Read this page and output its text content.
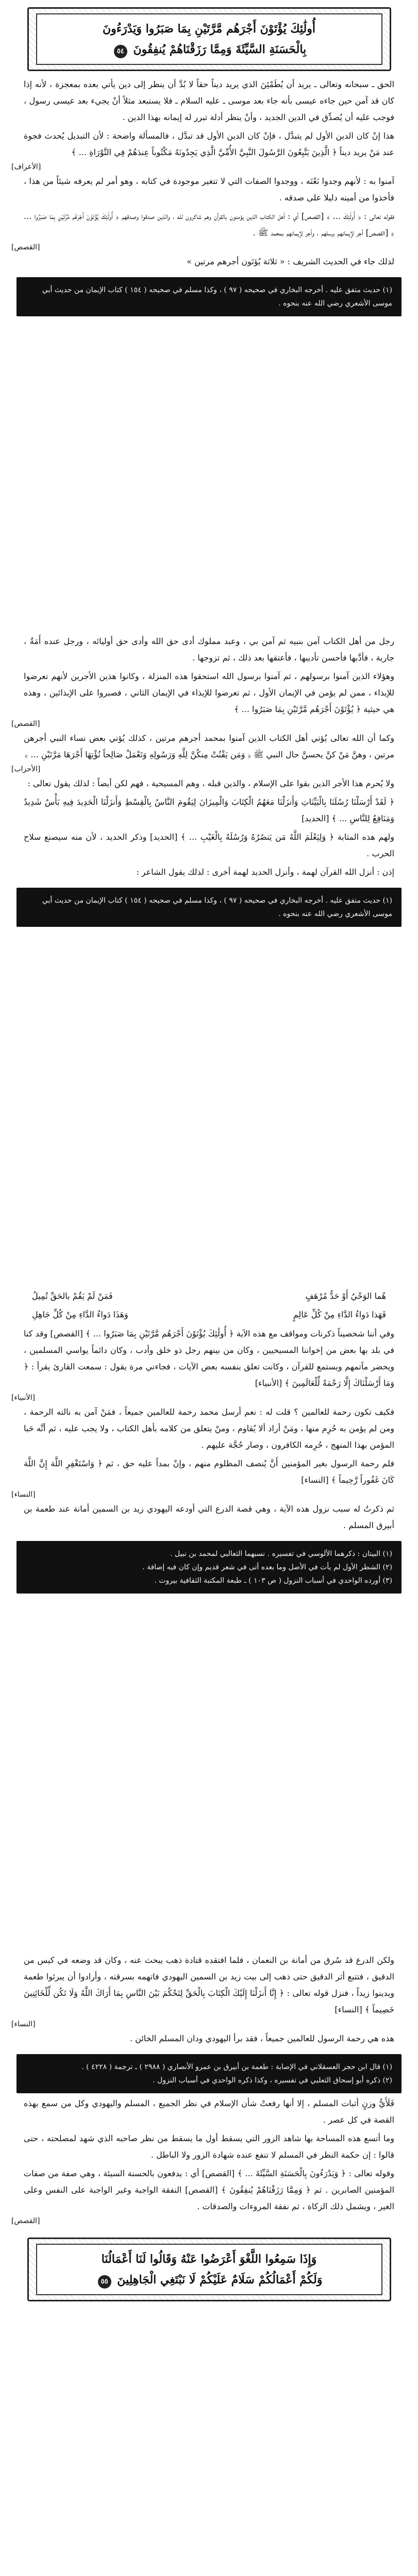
أُولَٰئِكَ يُؤْتَوْنَ أَجْرَهُم مَّرَّتَيْنِ بِمَا صَبَرُوا وَيَدْرَءُونَ
بِالْحَسَنَةِ السَّيِّئَةَ وَمِمَّا رَزَقْنَاهُمْ يُنفِقُونَ ٥٤

الحق ـ سبحانه وتعالى ـ يريد أن يُطَمْئِنَ الذي يريد ديناً حقاً لا بُدَّ أن ينظر إلى دين يأتي بعده بمعجزة ، لأنه إذا كان قد آمن حين جاءه عيسى بأنه جاء بعد موسى ـ عليه السلام ـ فلا يستبعد مثلاً أنْ يجيء بعد عيسى رسول ، فوجب عليه أن يُصدِّق في الدين الجديد ، وأنْ ينظر أدلة تبرر له إيمانه بهذا الدين .

هذا إنْ كان الدين الأول لم يتبدَّل ، فإنْ كان الدين الأول قد تبدَّل ، فالمسألة واضحة : لأن التبديل يُحدث فجوة عند مَنْ يريد ديناً ﴿ الَّذِينَ يَتَّبِعُونَ الرَّسُولَ النَّبِيَّ الأُمِّيَّ الَّذِي يَجِدُونَهُ مَكْتُوباً عِندَهُمْ فِي التَّوْرَاةِ ... ﴾

[الأعراف]

آمنوا به : لأنهم وجدوا نَعْتَه ، ووجدوا الصفات التي لا تتغير موجودة في كتابه ، وهو أمر لم يعرفه شيئاً من هذا ، فأخذوا من أمينه دليلا على صدقه .

فقوله تعالى : ﴿ أُولَٰئِكَ ... ﴾ [القصص] أي : أهل الكتاب الذين يؤمنون بالقرآن وهم شاكرون لله ، والذين صدقوا وصدقهم ﴿ أُولَٰئِكَ يُؤْتَوْنَ أَجْرَهُم مَّرَّتَيْنِ بِمَا صَبَرُوا ... ﴾ [القصص] أجر لإيمانهم برسلهم ، وأجر لإيمانهم بمحمد ﷺ .

[القصص]

لذلك جاء في الحديث الشريف : « ثلاثة يُؤتَون أجرهم مرتين »

(١) حديث متفق عليه . أخرجه البخاري في صحيحه ( ٩٧ ) ، وكذا مسلم في صحيحه ( ١٥٤ ) كتاب الإيمان من حديث أبي موسى الأشعري رضي الله عنه بنحوه .

رجل من أهل الكتاب آمن بنبيه ثم آمن بي ، وعبد مملوك أدى حق الله وأدى حق أوليائه ، ورجل عنده أَمَةٌ ، جارية ، فأدَّبها فأحسن تأديبها ، فأعتقها بعد ذلك ، ثم تزوجها .

وهؤلاء الذين آمنوا برسولهم ، ثم آمنوا برسول الله استحقوا هذه المنزلة ، وكانوا هذين الأجرين لأنهم تعرضوا للإيذاء ، ممن لم يؤمن في الإيمان الأول ، ثم تعرضوا للإيذاء في الإيمان الثاني ، فصبروا على الإيذائين ، وهذه هي حيثية ﴿ يُؤْتَوْنَ أَجْرَهُم مَّرَّتَيْنِ بِمَا صَبَرُوا ... ﴾

[القصص]

وكما أن الله تعالى يُؤتي أهل الكتاب الذين آمنوا بمحمد أجرهم مرتين ، كذلك يُؤتي بعض نساء النبي أجرهن مرتين ، وهنَّ مَنْ كنَّ يحسنَّ حال النبي ﷺ ﴿ وَمَن يَقْنُتْ مِنكُنَّ لِلَّهِ وَرَسُولِهِ وَتَعْمَلْ صَالِحاً نُؤْتِهَا أَجْرَهَا مَرَّتَيْنِ ... ﴾

[الأحزاب]

ولا يُحرم هذا الأجر الذين بقوا على الإسلام ، والذين قبله ، وهم المسيحية ، فهم لكن أيضاً : لذلك يقول تعالى :

﴿ لَقَدْ أَرْسَلْنَا رُسُلَنَا بِالْبَيِّنَاتِ وَأَنزَلْنَا مَعَهُمُ الْكِتَابَ وَالْمِيزَانَ لِيَقُومَ النَّاسُ بِالْقِسْطِ وَأَنزَلْنَا الْحَدِيدَ فِيهِ بَأْسٌ شَدِيدٌ وَمَنَافِعُ لِلنَّاسِ ... ﴾ [الحديد]

ولهم هذه المثابة ﴿ وَلِيَعْلَمَ اللَّهُ مَن يَنصُرُهُ وَرُسُلَهُ بِالْغَيْبِ ... ﴾ [الحديد] وذكر الحديد ، لأن منه سيصنع سلاح الحرب .

إذن : أنزل الله القرآن لهمة ، وأنزل الحديد لهمة أخرى : لذلك يقول الشاعر :

(١) حديث متفق عليه . أخرجه البخاري في صحيحه ( ٩٧ ) ، وكذا مسلم في صحيحه ( ١٥٤ ) كتاب الإيمان من حديث أبي موسى الأشعري رضي الله عنه بنحوه .
هُما الوَحْيُ أَوْ حَدُّ مُرْهَفٍ
فَمَنْ لَمْ يَقُمْ بالحَقِّ تُمِيلُ
فَهَذا دَواءُ الدَّاءِ مِنْ كُلِّ عَالِمٍ
وَهَذَا دَواءُ الدَّاءِ مِنْ كُلِّ جَاهِلِ

وفي أننا شخصيناً ذكرنات ومواقف مع هذه الآية ﴿ أُولَٰئِكَ يُؤْتَوْنَ أَجْرَهُم مَّرَّتَيْنِ بِمَا صَبَرُوا ... ﴾ [القصص] وقد كنا في بلد بها بعض من إخواننا المسيحيين ، وكان من بينهم رجل ذو خلق وأدب ، وكان دائماً يواسي المسلمين ، ويحضر مآتمهم ويستمع للقرآن ، وكانت تعلق بنفسه بعض الآيات ، فجاءني مرة يقول : سمعت القارئ يقرأ : ﴿ وَمَا أَرْسَلْنَاكَ إِلَّا رَحْمَةً لِّلْعَالَمِينَ ﴾ [الأنبياء]

[الأنبياء]

فكيف تكون رحمة للعالمين ؟ قلت له : نعم أرسل محمد رحمة للعالمين جميعاً ، فمَنْ آمن به نالته الرحمة ، ومن لم يؤمن به حُرِم منها ، ومَنْ أراد ألا يُقاوم ، ومنْ يتعلق من كلامه بأهل الكتاب ، ولا يجب عليه ، ثم أنَّه حَبا المؤمن بهذا المنهج ، حُرِمه الكافرون ، وصار حُجَّة عليهم .

فلم رحمة الرسول بغير المؤمنين أَنَّ يُنصف المظلوم منهم ، وإنْ بمداً عليه حق ، ثم ﴿ وَاسْتَغْفِرِ اللَّهَ إِنَّ اللَّهَ كَانَ غَفُوراً رَّحِيماً ﴾ [النساء]

[النساء]

ثم ذكرتُ له سبب نزول هذه الآية ، وهي قصة الدرع التي أودعه اليهودي زيد بن السمين أمانة عند طعمة بن أبيرق المسلم .

(١) البيتان : ذكرهما الألوسي في تفسيره . نسبهما الثعالبي لمحمد بن نبيل .
(٢) الشطر الأول لم يأت في الأصل وما بعده أتى في شعر قديم وإن كان فيه إضافة .
(٣) أورده الواحدي في أسباب النزول ( ص ١٠٣ ) ـ طبعة المكتبة الثقافية بيروت .

ولكن الدرع قد سُرق من أمانة بن النعمان ، فلما افتقده قتادة ذهب يبحث عنه ، وكان قد وضعه في كيس من الدقيق ، فتتبع أثر الدقيق حتى ذهب إلى بيت زيد بن السمين اليهودي فاتهمه بسرقته ، وأرادوا أن يبرئوا طعمة ويدينوا زيداً ، فنزل قوله تعالى : ﴿ إِنَّا أَنزَلْنَا إِلَيْكَ الْكِتَابَ بِالْحَقِّ لِتَحْكُمَ بَيْنَ النَّاسِ بِمَا أَرَاكَ اللَّهُ وَلَا تَكُن لِّلْخَائِنِينَ خَصِيماً ﴾ [النساء]

[النساء]

هذه هي رحمة الرسول للعالمين جميعاً ، فقد برأ اليهودي ودان المسلم الخائن .

(١) قال ابن حجر العسقلاني في الإصابة : طعمة بن أبيرق بن عمرو الأنصاري ( ٢٩٨٨ ) ـ ترجمة ( ٤٢٢٨ ) .
(٢) ذكره أبو إسحاق الثعلبي في تفسيره ، وكذا ذكره الواحدي في أسباب النزول .

فَلَأَيُّ وزنٍ أثبات المسلم ، إلا أنها رفعتْ شأن الإسلام في نظر الجميع ، المسلم واليهودي وكل من سمع بهذه القصة في كل عصر .

وما أتسع هذه المساحة بها شاهد الزور التي يسقط أول ما يسقط من نظر صاحبه الذي شهد لمصلحته ، حتى قالوا : إن حكمة النظر في المسلم لا تنفع عنده شهادة الزور ولا الباطل .

وقوله تعالى : ﴿ وَيَدْرَءُونَ بِالْحَسَنَةِ السَّيِّئَةَ ... ﴾ [القصص] أي : يدفعون بالحسنة السيئة ، وهي صفة من صفات المؤمنين الصابرين . ثم ﴿ وَمِمَّا رَزَقْنَاهُمْ يُنفِقُونَ ﴾ [القصص] النفقة الواجبة وغير الواجبة على النفس وعلى الغير ، ويشمل ذلك الزكاة ، ثم نفقة المروءات والصدقات .

[القصص]
وَإِذَا سَمِعُوا اللَّغْوَ أَعْرَضُوا عَنْهُ وَقَالُوا لَنَا أَعْمَالُنَا
وَلَكُمْ أَعْمَالُكُمْ سَلَامٌ عَلَيْكُمْ لَا نَبْتَغِي الْجَاهِلِينَ ٥٥
